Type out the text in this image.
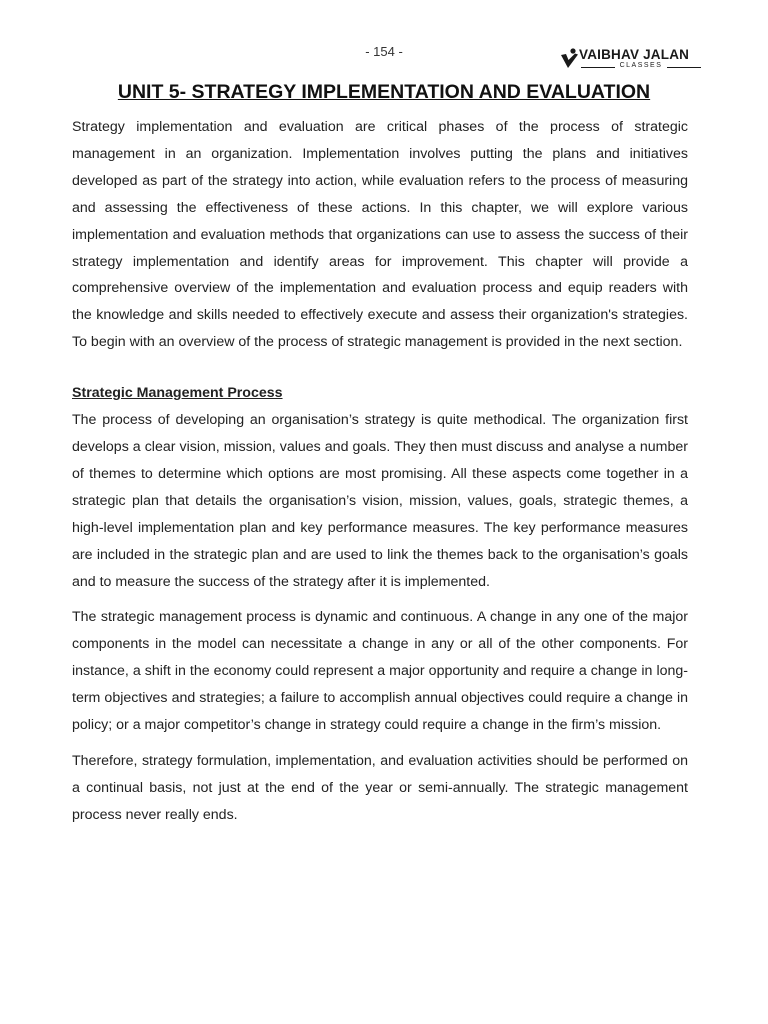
- 154 -	VAIBHAV JALAN
CLASSES
UNIT 5- STRATEGY IMPLEMENTATION AND EVALUATION

Strategy implementation and evaluation are critical phases of the process of strategic management in an organization. Implementation involves putting the plans and initiatives developed as part of the strategy into action, while evaluation refers to the process of measuring and assessing the effectiveness of these actions. In this chapter, we will explore various implementation and evaluation methods that organizations can use to assess the success of their strategy implementation and identify areas for improvement. This chapter will provide a comprehensive overview of the implementation and evaluation process and equip readers with the knowledge and skills needed to effectively execute and assess their organization's strategies. To begin with an overview of the process of strategic management is provided in the next section.

Strategic Management Process

The process of developing an organisation’s strategy is quite methodical. The organization first develops a clear vision, mission, values and goals. They then must discuss and analyse a number of themes to determine which options are most promising. All these aspects come together in a strategic plan that details the organisation’s vision, mission, values, goals, strategic themes, a high-level implementation plan and key performance measures. The key performance measures are included in the strategic plan and are used to link the themes back to the organisation’s goals and to measure the success of the strategy after it is implemented.

The strategic management process is dynamic and continuous. A change in any one of the major components in the model can necessitate a change in any or all of the other components. For instance, a shift in the economy could represent a major opportunity and require a change in long-term objectives and strategies; a failure to accomplish annual objectives could require a change in policy; or a major competitor’s change in strategy could require a change in the firm’s mission.

Therefore, strategy formulation, implementation, and evaluation activities should be performed on a continual basis, not just at the end of the year or semi-annually. The strategic management process never really ends.
